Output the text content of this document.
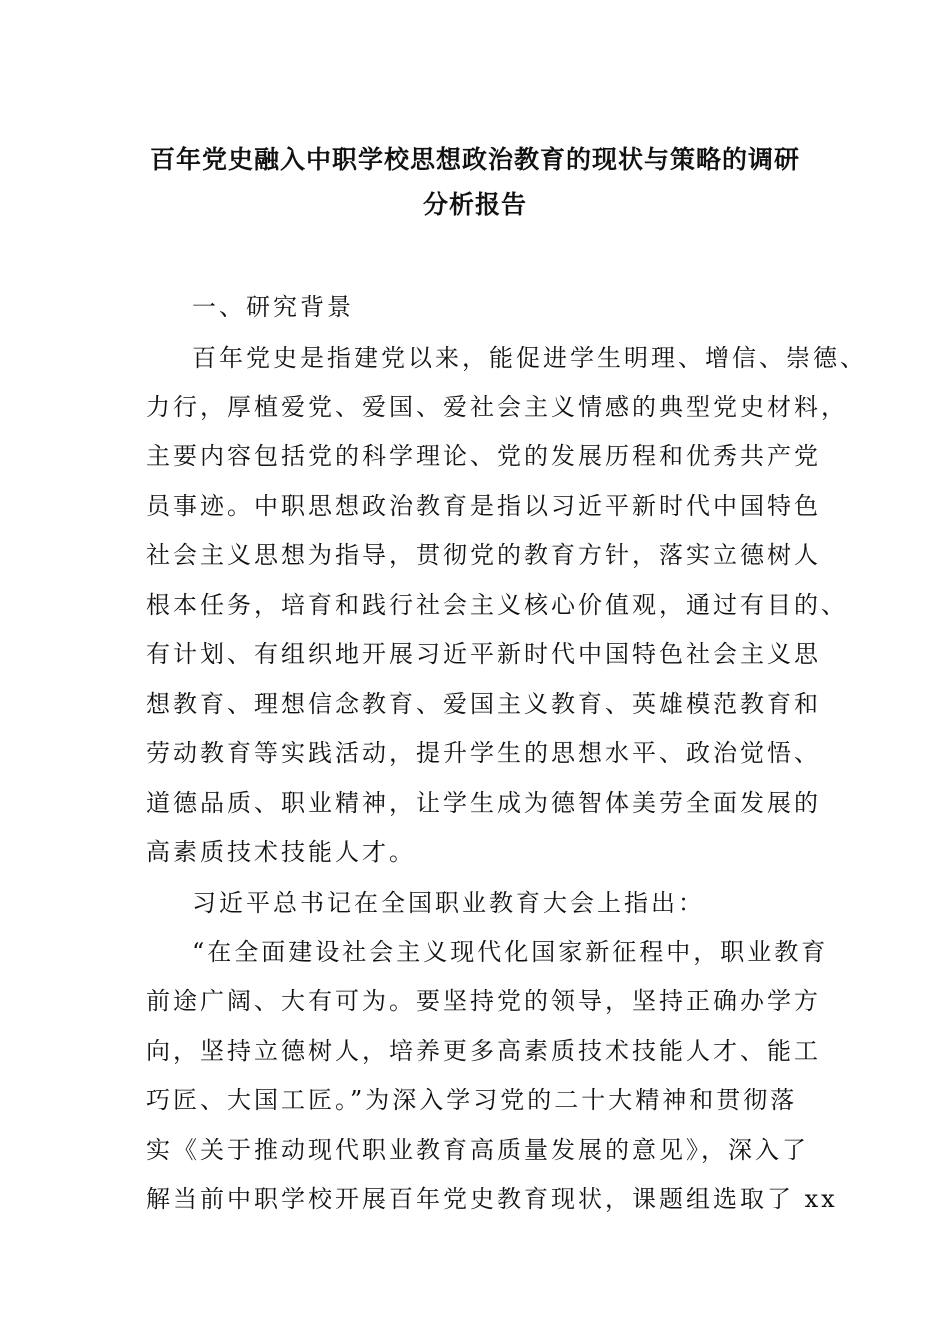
百年党史融入中职学校思想政治教育的现状与策略的调研
分析报告
一、研究背景
百年党史是指建党以来，能促进学生明理、增信、崇德、
力行，厚植爱党、爱国、爱社会主义情感的典型党史材料，
主要内容包括党的科学理论、党的发展历程和优秀共产党
员事迹。中职思想政治教育是指以习近平新时代中国特色
社会主义思想为指导，贯彻党的教育方针，落实立德树人
根本任务，培育和践行社会主义核心价值观，通过有目的、
有计划、有组织地开展习近平新时代中国特色社会主义思
想教育、理想信念教育、爱国主义教育、英雄模范教育和
劳动教育等实践活动，提升学生的思想水平、政治觉悟、
道德品质、职业精神，让学生成为德智体美劳全面发展的
高素质技术技能人才。
习近平总书记在全国职业教育大会上指出：
“在全面建设社会主义现代化国家新征程中，职业教育
前途广阔、大有可为。要坚持党的领导，坚持正确办学方
向，坚持立德树人，培养更多高素质技术技能人才、能工
巧匠、大国工匠。”为深入学习党的二十大精神和贯彻落
实《关于推动现代职业教育高质量发展的意见》，深入了
解当前中职学校开展百年党史教育现状，课题组选取了 xx
